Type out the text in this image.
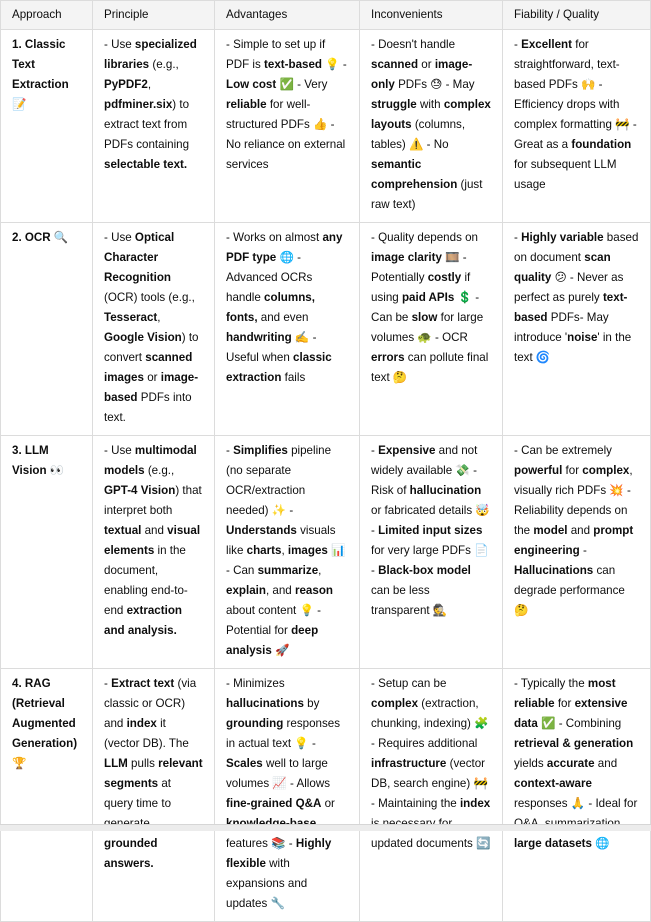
Approach	Principle	Advantages	Inconvenients	Fiability / Quality
1. Classic Text Extraction 📝	- Use specialized libraries (e.g., PyPDF2, pdfminer.six) to extract text from PDFs containing selectable text.	- Simple to set up if PDF is text-based 💡 - Low cost ✅ - Very reliable for well-structured PDFs 👍 - No reliance on external services	- Doesn't handle scanned or image-only PDFs 😓 - May struggle with complex layouts (columns, tables) ⚠️ - No semantic comprehension (just raw text)	- Excellent for straightforward, text-based PDFs 🙌 - Efficiency drops with complex formatting 🚧 - Great as a foundation for subsequent LLM usage
2. OCR 🔍	- Use Optical Character Recognition (OCR) tools (e.g., Tesseract, Google Vision) to convert scanned images or image-based PDFs into text.	- Works on almost any PDF type 🌐 - Advanced OCRs handle columns, fonts, and even handwriting ✍️ - Useful when classic extraction fails	- Quality depends on image clarity 🎞️ - Potentially costly if using paid APIs 💲 - Can be slow for large volumes 🐢 - OCR errors can pollute final text 🤔	- Highly variable based on document scan quality 😕 - Never as perfect as purely text-based PDFs- May introduce 'noise' in the text 🌀
3. LLM Vision 👀	- Use multimodal models (e.g., GPT-4 Vision) that interpret both textual and visual elements in the document, enabling end-to-end extraction and analysis.	- Simplifies pipeline (no separate OCR/extraction needed) ✨ - Understands visuals like charts, images 📊 - Can summarize, explain, and reason about content 💡 - Potential for deep analysis 🚀	- Expensive and not widely available 💸 - Risk of hallucination or fabricated details 🤯 - Limited input sizes for very large PDFs 📄 - Black-box model can be less transparent 🕵️	- Can be extremely powerful for complex, visually rich PDFs 💥 - Reliability depends on the model and prompt engineering - Hallucinations can degrade performance 🤔
4. RAG (Retrieval Augmented Generation) 🏆	- Extract text (via classic or OCR) and index it (vector DB). The LLM pulls relevant segments at query time to grounded answers.	- Minimizes hallucinations by grounding responses in actual text 💡 - Scales well to large volumes 📈 - Allows fine-grained Q&A or features 📚 - Highly flexible with expansions and updates 🔧	- Setup can be complex (extraction, chunking, indexing) 🧩 - Requires additional infrastructure (vector DB, search engine) 🚧 - Maintaining the index updated documents 🔄	- Typically the most reliable for extensive data ✅ - Combining retrieval & generation yields accurate and context-aware responses 🙏 - Ideal for large datasets 🌐
